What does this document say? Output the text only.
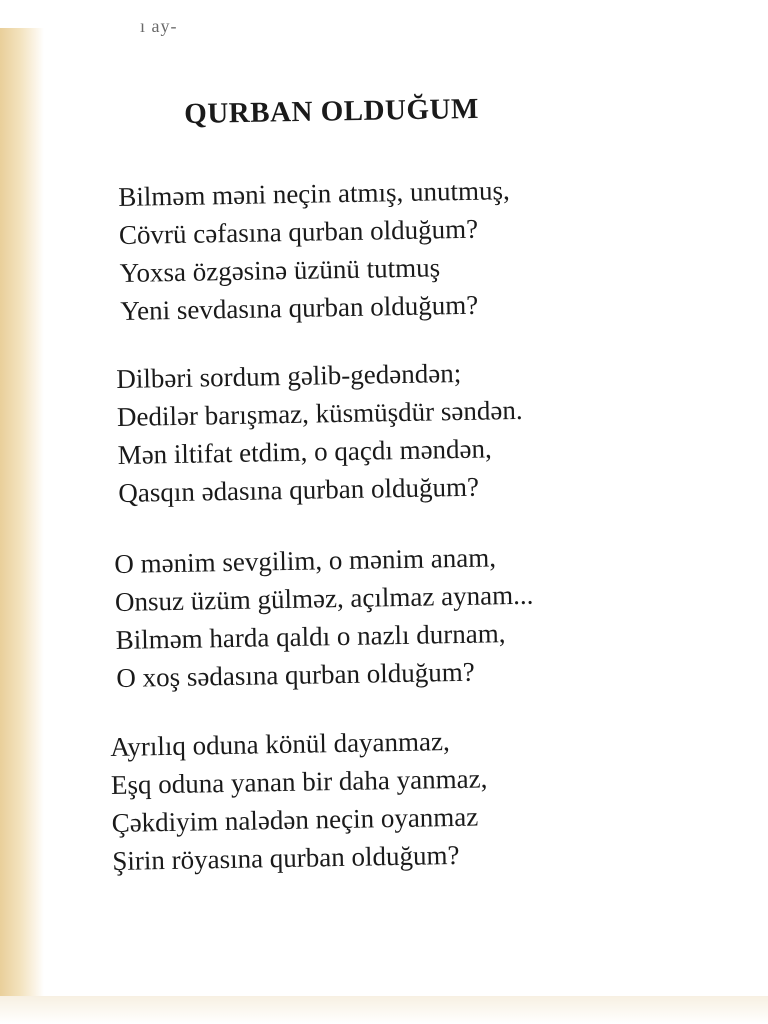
ı ay-
QURBAN OLDUĞUM
Bilməm məni neçin atmış, unutmuş,
Cövrü cəfasına qurban olduğum?
Yoxsa özgəsinə üzünü tutmuş
Yeni sevdasına qurban olduğum?
Dilbəri sordum gəlib-gedəndən;
Dedilər barışmaz, küsmüşdür səndən.
Mən iltifat etdim, o qaçdı məndən,
Qasqın ədasına qurban olduğum?
O mənim sevgilim, o mənim anam,
Onsuz üzüm gülməz, açılmaz aynam...
Bilməm harda qaldı o nazlı durnam,
O xoş sədasına qurban olduğum?
Ayrılıq oduna könül dayanmaz,
Eşq oduna yanan bir daha yanmaz,
Çəkdiyim nalədən neçin oyanmaz
Şirin röyasına qurban olduğum?
